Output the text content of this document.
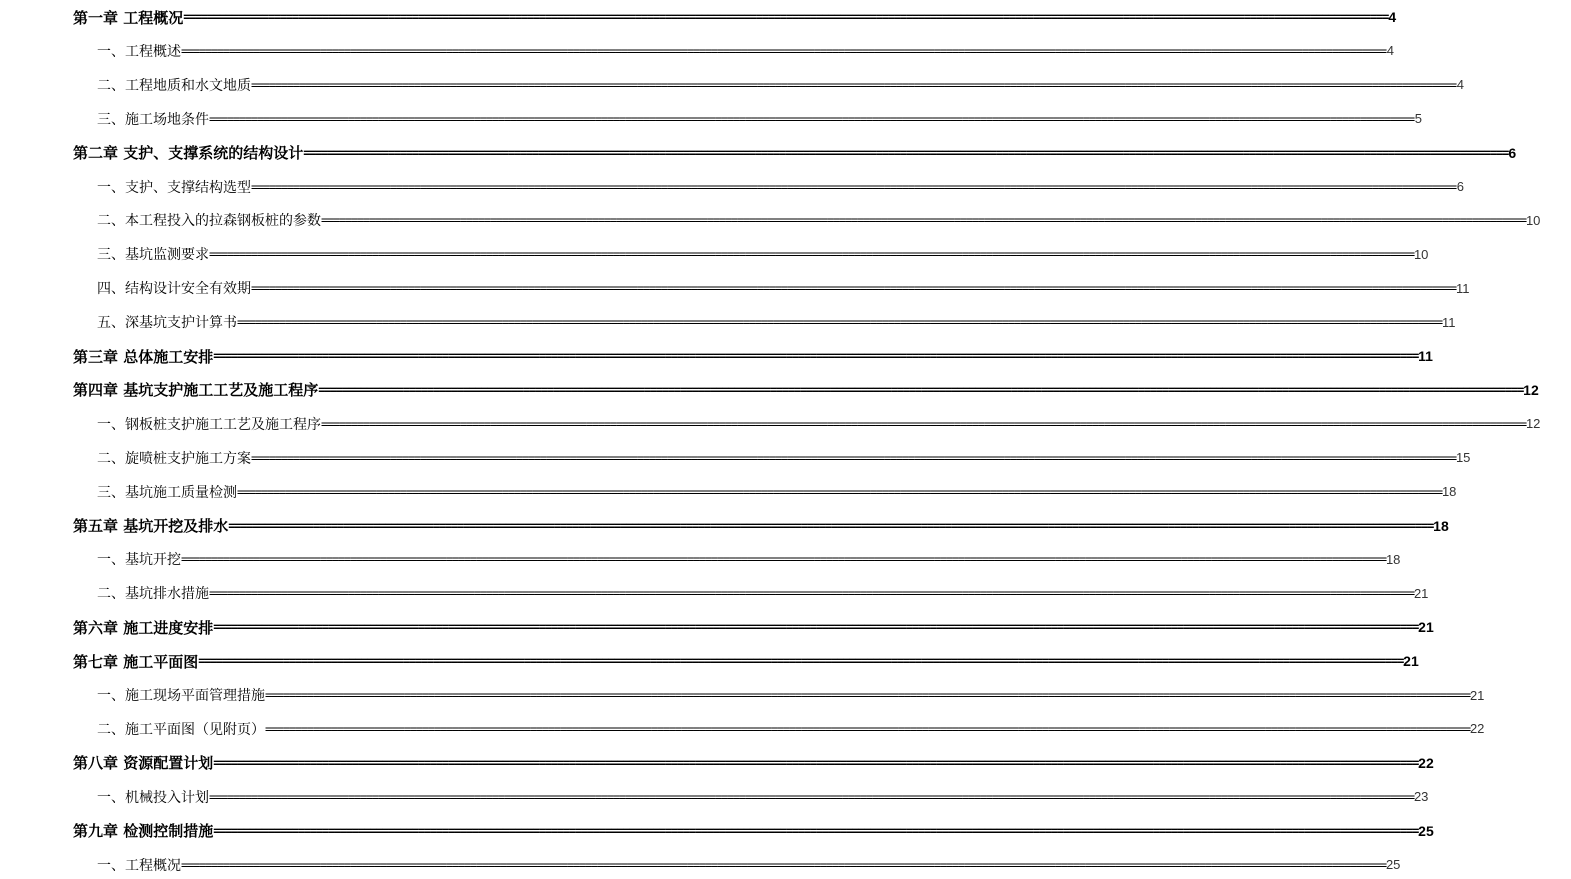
第一章 工程概况 ======================================================================================================================================================================================================== 4
一、工程概述 ======================================================================================================================================================================================================== 4
二、工程地质和水文地质 ======================================================================================================================================================================================================== 4
三、施工场地条件 ======================================================================================================================================================================================================== 5
第二章 支护、支撑系统的结构设计 ======================================================================================================================================================================================================== 6
一、支护、支撑结构选型 ======================================================================================================================================================================================================== 6
二、本工程投入的拉森钢板桩的参数 ======================================================================================================================================================================================================== 10
三、基坑监测要求 ======================================================================================================================================================================================================== 10
四、结构设计安全有效期 ======================================================================================================================================================================================================== 11
五、深基坑支护计算书 ======================================================================================================================================================================================================== 11
第三章 总体施工安排 ======================================================================================================================================================================================================== 11
第四章 基坑支护施工工艺及施工程序 ======================================================================================================================================================================================================== 12
一、钢板桩支护施工工艺及施工程序 ======================================================================================================================================================================================================== 12
二、旋喷桩支护施工方案 ======================================================================================================================================================================================================== 15
三、基坑施工质量检测 ======================================================================================================================================================================================================== 18
第五章 基坑开挖及排水 ======================================================================================================================================================================================================== 18
一、基坑开挖 ======================================================================================================================================================================================================== 18
二、基坑排水措施 ======================================================================================================================================================================================================== 21
第六章 施工进度安排 ======================================================================================================================================================================================================== 21
第七章 施工平面图 ======================================================================================================================================================================================================== 21
一、施工现场平面管理措施 ======================================================================================================================================================================================================== 21
二、施工平面图（见附页） ======================================================================================================================================================================================================== 22
第八章 资源配置计划 ======================================================================================================================================================================================================== 22
一、机械投入计划 ======================================================================================================================================================================================================== 23
第九章 检测控制措施 ======================================================================================================================================================================================================== 25
一、工程概况 ======================================================================================================================================================================================================== 25
